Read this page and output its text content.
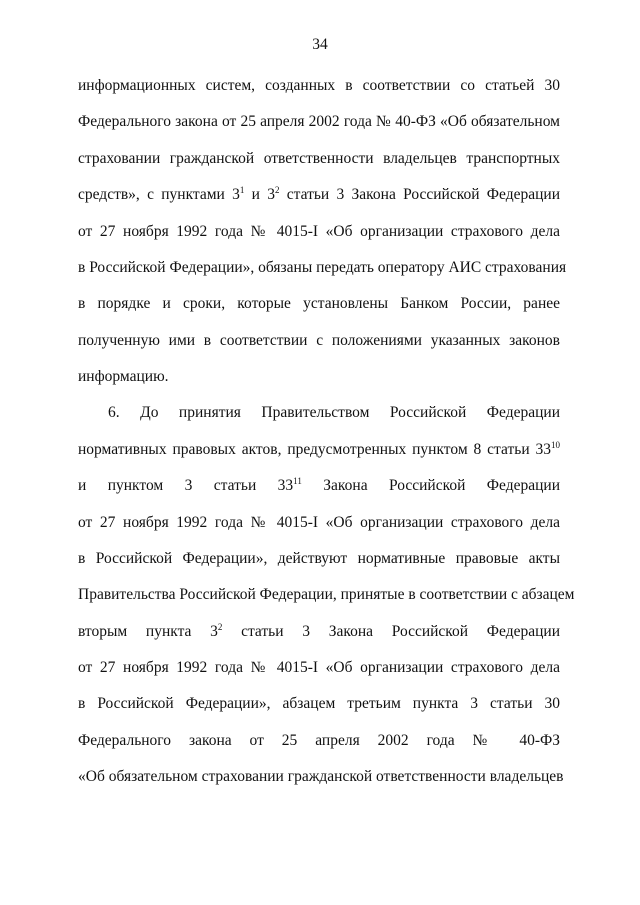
34
информационных систем, созданных в соответствии со статьей 30
Федерального закона от 25 апреля 2002 года № 40-ФЗ «Об обязательном
страховании гражданской ответственности владельцев транспортных
средств», с пунктами $3^1$ и $3^2$ статьи 3 Закона Российской Федерации
от 27 ноября 1992 года № 4015-I «Об организации страхового дела
в Российской Федерации», обязаны передать оператору АИС страхования
в порядке и сроки, которые установлены Банком России, ранее
полученную ими в соответствии с положениями указанных законов
информацию.
6. До принятия Правительством Российской Федерации
нормативных правовых актов, предусмотренных пунктом 8 статьи $33^{10}$
и пунктом 3 статьи $33^{11}$ Закона Российской Федерации
от 27 ноября 1992 года № 4015-I «Об организации страхового дела
в Российской Федерации», действуют нормативные правовые акты
Правительства Российской Федерации, принятые в соответствии с абзацем
вторым пункта $3^2$ статьи 3 Закона Российской Федерации
от 27 ноября 1992 года № 4015-I «Об организации страхового дела
в Российской Федерации», абзацем третьим пункта 3 статьи 30
Федерального закона от 25 апреля 2002 года № 40-ФЗ
«Об обязательном страховании гражданской ответственности владельцев
